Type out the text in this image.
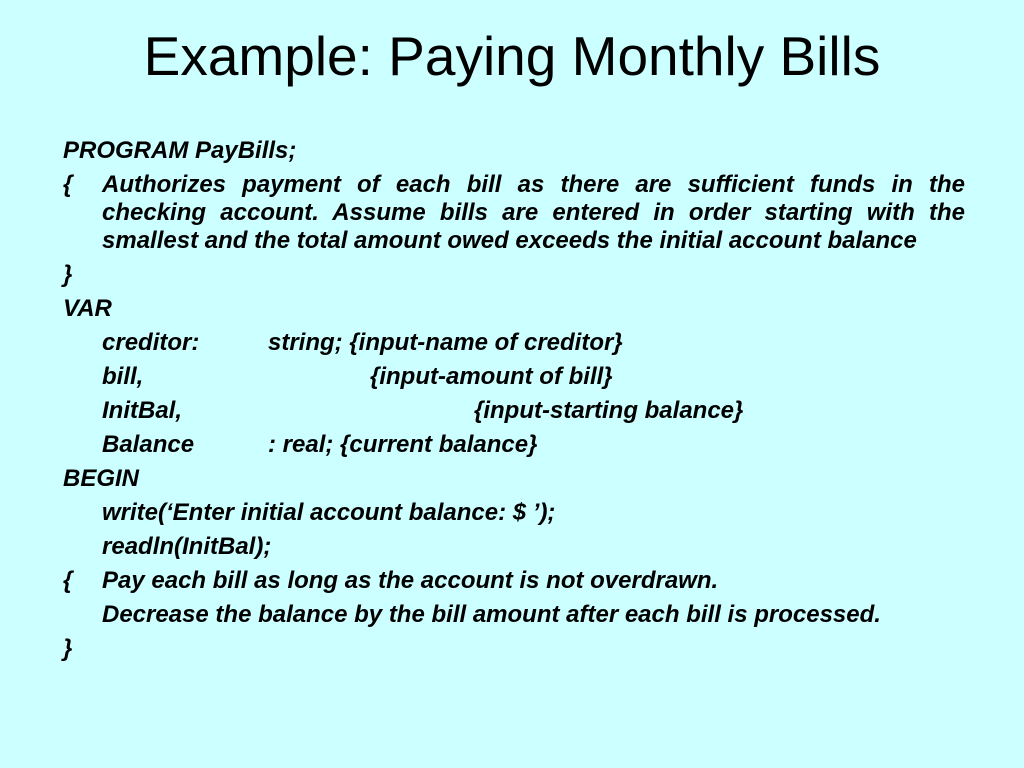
Example: Paying Monthly Bills
PROGRAM PayBills;
{ Authorizes payment of each bill as there are sufficient funds in the checking account. Assume bills are entered in order starting with the smallest and the total amount owed exceeds the initial account balance
}
VAR
creditor:	string; {input-name of creditor}
bill,	{input-amount of bill}
InitBal,	{input-starting balance}
Balance	: real; {current balance}
BEGIN
write(‘Enter initial account balance: $ ’);
readln(InitBal);
{ Pay each bill as long as the account is not overdrawn.
Decrease the balance by the bill amount after each bill is processed.
}
